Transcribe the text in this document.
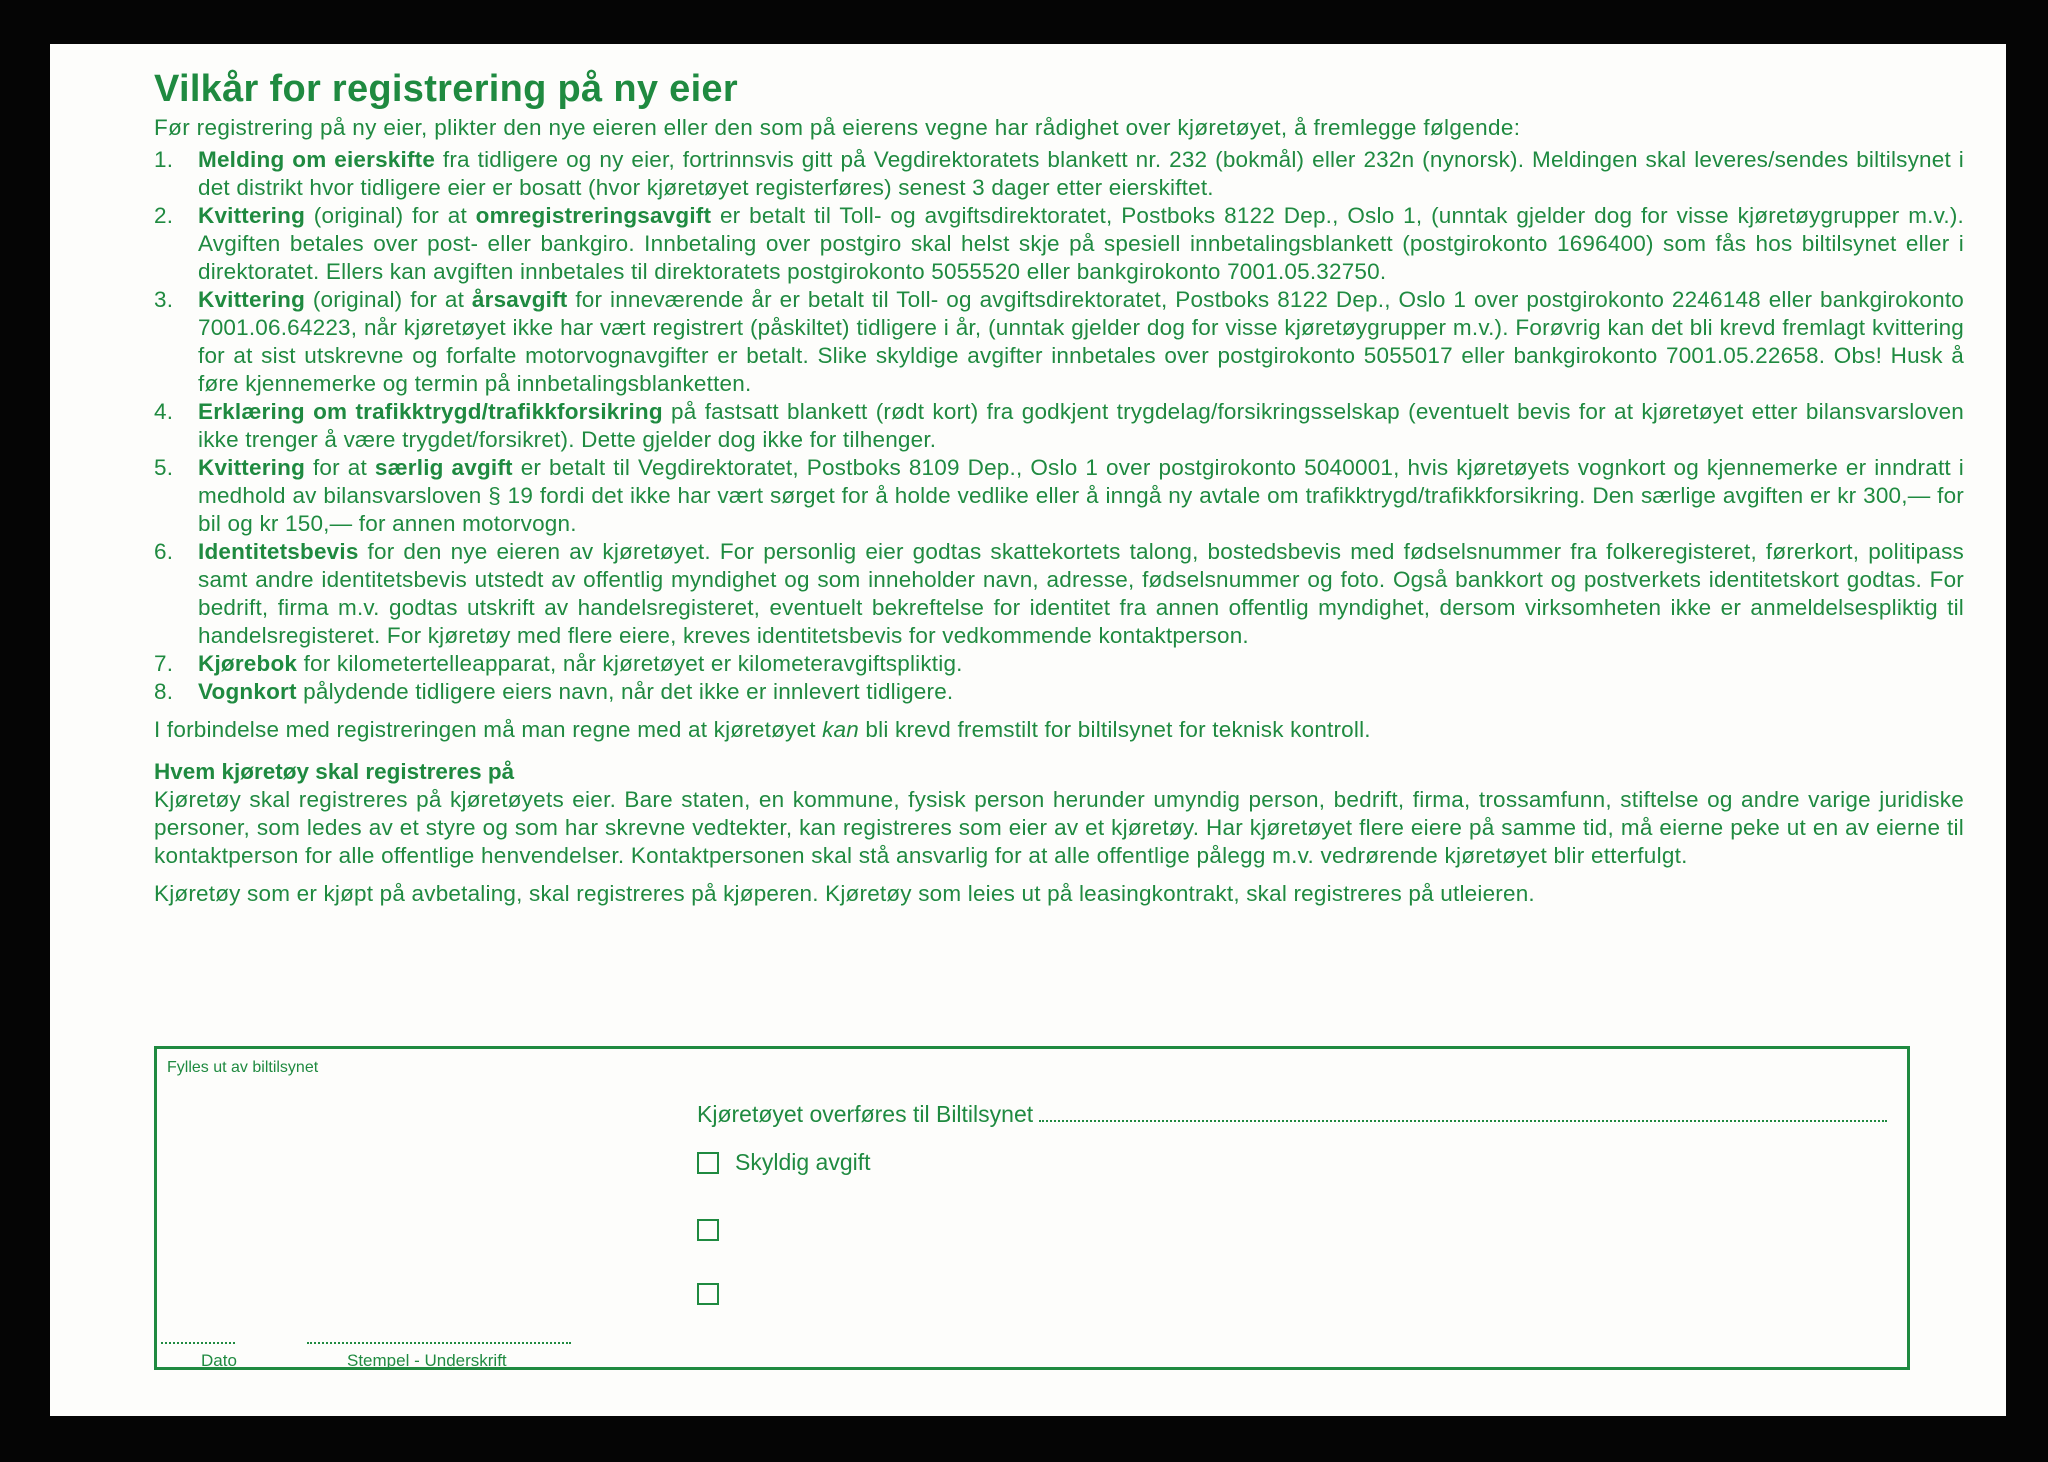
Vilkår for registrering på ny eier

Før registrering på ny eier, plikter den nye eieren eller den som på eierens vegne har rådighet over kjøretøyet, å fremlegge følgende:

1. Melding om eierskifte fra tidligere og ny eier, fortrinnsvis gitt på Vegdirektoratets blankett nr. 232 (bokmål) eller 232n (nynorsk). Meldingen skal leveres/sendes biltilsynet i det distrikt hvor tidligere eier er bosatt (hvor kjøretøyet registerføres) senest 3 dager etter eierskiftet.
2. Kvittering (original) for at omregistreringsavgift er betalt til Toll- og avgiftsdirektoratet, Postboks 8122 Dep., Oslo 1, (unntak gjelder dog for visse kjøretøygrupper m.v.). Avgiften betales over post- eller bankgiro. Innbetaling over postgiro skal helst skje på spesiell innbetalingsblankett (postgirokonto 1696400) som fås hos biltilsynet eller i direktoratet. Ellers kan avgiften innbetales til direktoratets postgirokonto 5055520 eller bankgirokonto 7001.05.32750.
3. Kvittering (original) for at årsavgift for inneværende år er betalt til Toll- og avgiftsdirektoratet, Postboks 8122 Dep., Oslo 1 over postgirokonto 2246148 eller bankgirokonto 7001.06.64223, når kjøretøyet ikke har vært registrert (påskiltet) tidligere i år, (unntak gjelder dog for visse kjøretøygrupper m.v.). Forøvrig kan det bli krevd fremlagt kvittering for at sist utskrevne og forfalte motorvognavgifter er betalt. Slike skyldige avgifter innbetales over postgirokonto 5055017 eller bankgirokonto 7001.05.22658. Obs! Husk å føre kjennemerke og termin på innbetalingsblanketten.
4. Erklæring om trafikktrygd/trafikkforsikring på fastsatt blankett (rødt kort) fra godkjent trygdelag/forsikringsselskap (eventuelt bevis for at kjøretøyet etter bilansvarsloven ikke trenger å være trygdet/forsikret). Dette gjelder dog ikke for tilhenger.
5. Kvittering for at særlig avgift er betalt til Vegdirektoratet, Postboks 8109 Dep., Oslo 1 over postgirokonto 5040001, hvis kjøretøyets vognkort og kjennemerke er inndratt i medhold av bilansvarsloven § 19 fordi det ikke har vært sørget for å holde vedlike eller å inngå ny avtale om trafikktrygd/trafikkforsikring. Den særlige avgiften er kr 300,— for bil og kr 150,— for annen motorvogn.
6. Identitetsbevis for den nye eieren av kjøretøyet. For personlig eier godtas skattekortets talong, bostedsbevis med fødselsnummer fra folkeregisteret, førerkort, politipass samt andre identitetsbevis utstedt av offentlig myndighet og som inneholder navn, adresse, fødselsnummer og foto. Også bankkort og postverkets identitetskort godtas. For bedrift, firma m.v. godtas utskrift av handelsregisteret, eventuelt bekreftelse for identitet fra annen offentlig myndighet, dersom virksomheten ikke er anmeldelsespliktig til handelsregisteret. For kjøretøy med flere eiere, kreves identitetsbevis for vedkommende kontaktperson.
7. Kjørebok for kilometertelleapparat, når kjøretøyet er kilometeravgiftspliktig.
8. Vognkort pålydende tidligere eiers navn, når det ikke er innlevert tidligere.

I forbindelse med registreringen må man regne med at kjøretøyet kan bli krevd fremstilt for biltilsynet for teknisk kontroll.

Hvem kjøretøy skal registreres på

Kjøretøy skal registreres på kjøretøyets eier. Bare staten, en kommune, fysisk person herunder umyndig person, bedrift, firma, trossamfunn, stiftelse og andre varige juridiske personer, som ledes av et styre og som har skrevne vedtekter, kan registreres som eier av et kjøretøy. Har kjøretøyet flere eiere på samme tid, må eierne peke ut en av eierne til kontaktperson for alle offentlige henvendelser. Kontaktpersonen skal stå ansvarlig for at alle offentlige pålegg m.v. vedrørende kjøretøyet blir etterfulgt.

Kjøretøy som er kjøpt på avbetaling, skal registreres på kjøperen. Kjøretøy som leies ut på leasingkontrakt, skal registreres på utleieren.

Fylles ut av biltilsynet
Kjøretøyet overføres til Biltilsynet
Skyldig avgift
Dato	Stempel - Underskrift
